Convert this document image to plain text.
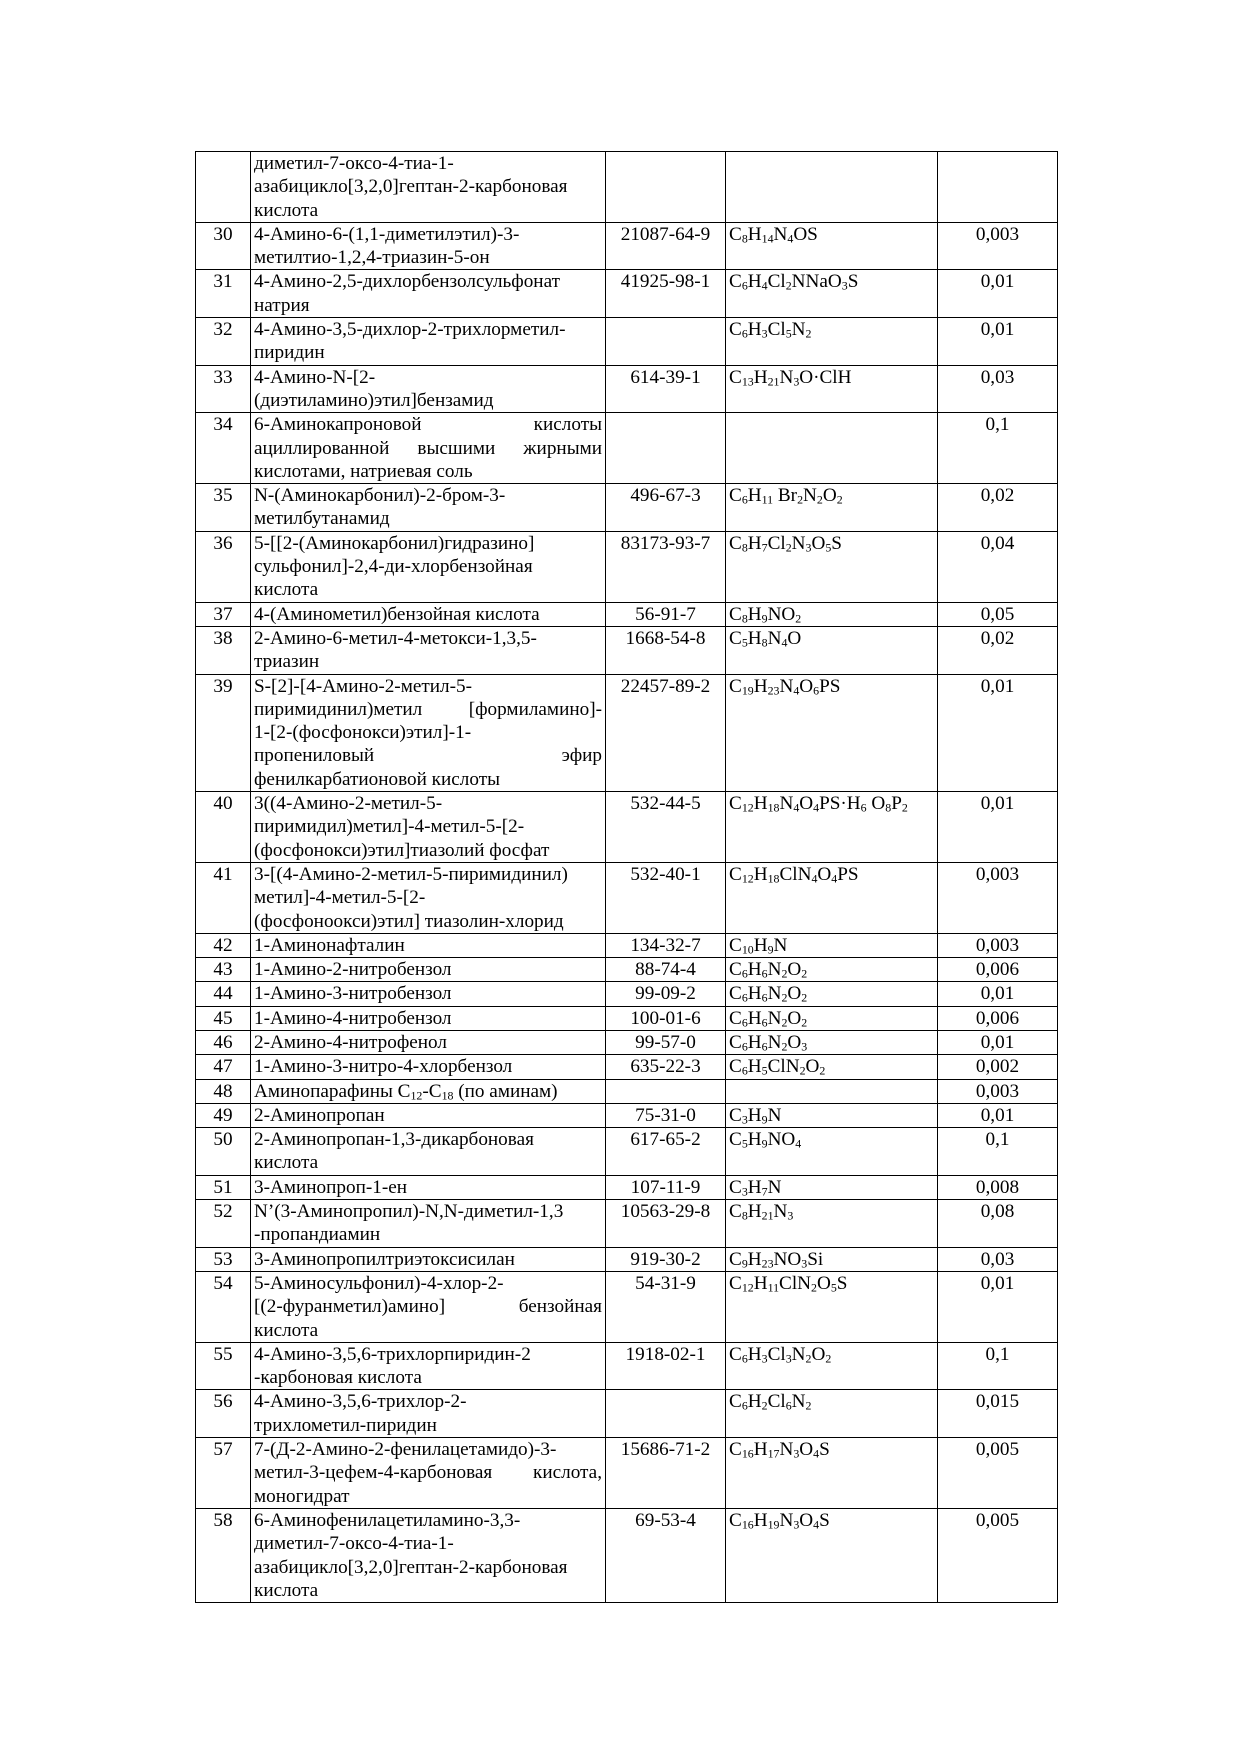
	диметил-7-оксо-4-тиа-1-
азабицикло[3,2,0]гептан-2-карбоновая
кислота			

30	4-Амино-6-(1,1-диметилэтил)-3-
метилтио-1,2,4-триазин-5-он	21087-64-9	$C_8H_{14}N_4OS$	0,003
31	4-Амино-2,5-дихлорбензолсульфонат
натрия	41925-98-1	$C_6H_4Cl_2NNaO_3S$	0,01
32	4-Амино-3,5-дихлор-2-трихлорметил-
пиридин		$C_6H_3Cl_5N_2$	0,01
33	4-Амино-N-[2-
(диэтиламино)этил]бензамид	614-39-1	$C_{13}H_{21}N_3O\cdot ClH$	0,03
34	6-Аминокапроновой кислоты
ациллированной высшими жирными
кислотами, натриевая соль			0,1
35	N-(Аминокарбонил)-2-бром-3-
метилбутанамид	496-67-3	$C_6H_{11}$ $Br_2N_2O_2$	0,02
36	5-[[2-(Аминокарбонил)гидразино]
сульфонил]-2,4-ди-хлорбензойная
кислота	83173-93-7	$C_8H_7Cl_2N_3O_5S$	0,04
37	4-(Аминометил)бензойная кислота	56-91-7	$C_8H_9NO_2$	0,05
38	2-Амино-6-метил-4-метокси-1,3,5-
триазин	1668-54-8	$C_5H_8N_4O$	0,02
39	S-[2]-[4-Амино-2-метил-5-
пиримидинил)метил [формиламино]-
1-[2-(фосфонокси)этил]-1-
пропениловый эфир
фенилкарбатионовой кислоты	22457-89-2	$C_{19}H_{23}N_4O_6PS$	0,01
40	3((4-Амино-2-метил-5-
пиримидил)метил]-4-метил-5-[2-
(фосфонокси)этил]тиазолий фосфат	532-44-5	$C_{12}H_{18}N_4O_4PS\cdot H_6$ $O_8P_2$	0,01
41	3-[(4-Амино-2-метил-5-пиримидинил)
метил]-4-метил-5-[2-
(фосфоноокси)этил] тиазолин-хлорид	532-40-1	$C_{12}H_{18}ClN_4O_4PS$	0,003
42	1-Аминонафталин	134-32-7	$C_{10}H_9N$	0,003
43	1-Амино-2-нитробензол	88-74-4	$C_6H_6N_2O_2$	0,006
44	1-Амино-3-нитробензол	99-09-2	$C_6H_6N_2O_2$	0,01
45	1-Амино-4-нитробензол	100-01-6	$C_6H_6N_2O_2$	0,006
46	2-Амино-4-нитрофенол	99-57-0	$C_6H_6N_2O_3$	0,01
47	1-Амино-3-нитро-4-хлорбензол	635-22-3	$C_6H_5ClN_2O_2$	0,002
48	Аминопарафины $C_{12}-C_{18}$ (по аминам)			0,003
49	2-Аминопропан	75-31-0	$C_3H_9N$	0,01
50	2-Аминопропан-1,3-дикарбоновая
кислота	617-65-2	$C_5H_9NO_4$	0,1
51	3-Аминопроп-1-ен	107-11-9	$C_3H_7N$	0,008
52	N’(3-Аминопропил)-N,N-диметил-1,3
-пропандиамин	10563-29-8	$C_8H_{21}N_3$	0,08
53	3-Аминопропилтриэтоксисилан	919-30-2	$C_9H_{23}NO_3Si$	0,03
54	5-Аминосульфонил)-4-хлор-2-
[(2-фуранметил)амино] бензойная
кислота	54-31-9	$C_{12}H_{11}ClN_2O_5S$	0,01
55	4-Амино-3,5,6-трихлорпиридин-2
-карбоновая кислота	1918-02-1	$C_6H_3Cl_3N_2O_2$	0,1
56	4-Амино-3,5,6-трихлор-2-
трихлометил-пиридин		$C_6H_2Cl_6N_2$	0,015
57	7-(Д-2-Амино-2-фенилацетамидо)-3-
метил-3-цефем-4-карбоновая кислота,
моногидрат	15686-71-2	$C_{16}H_{17}N_3O_4S$	0,005
58	6-Аминофенилацетиламино-3,3-
диметил-7-оксо-4-тиа-1-
азабицикло[3,2,0]гептан-2-карбоновая
кислота	69-53-4	$C_{16}H_{19}N_3O_4S$	0,005
